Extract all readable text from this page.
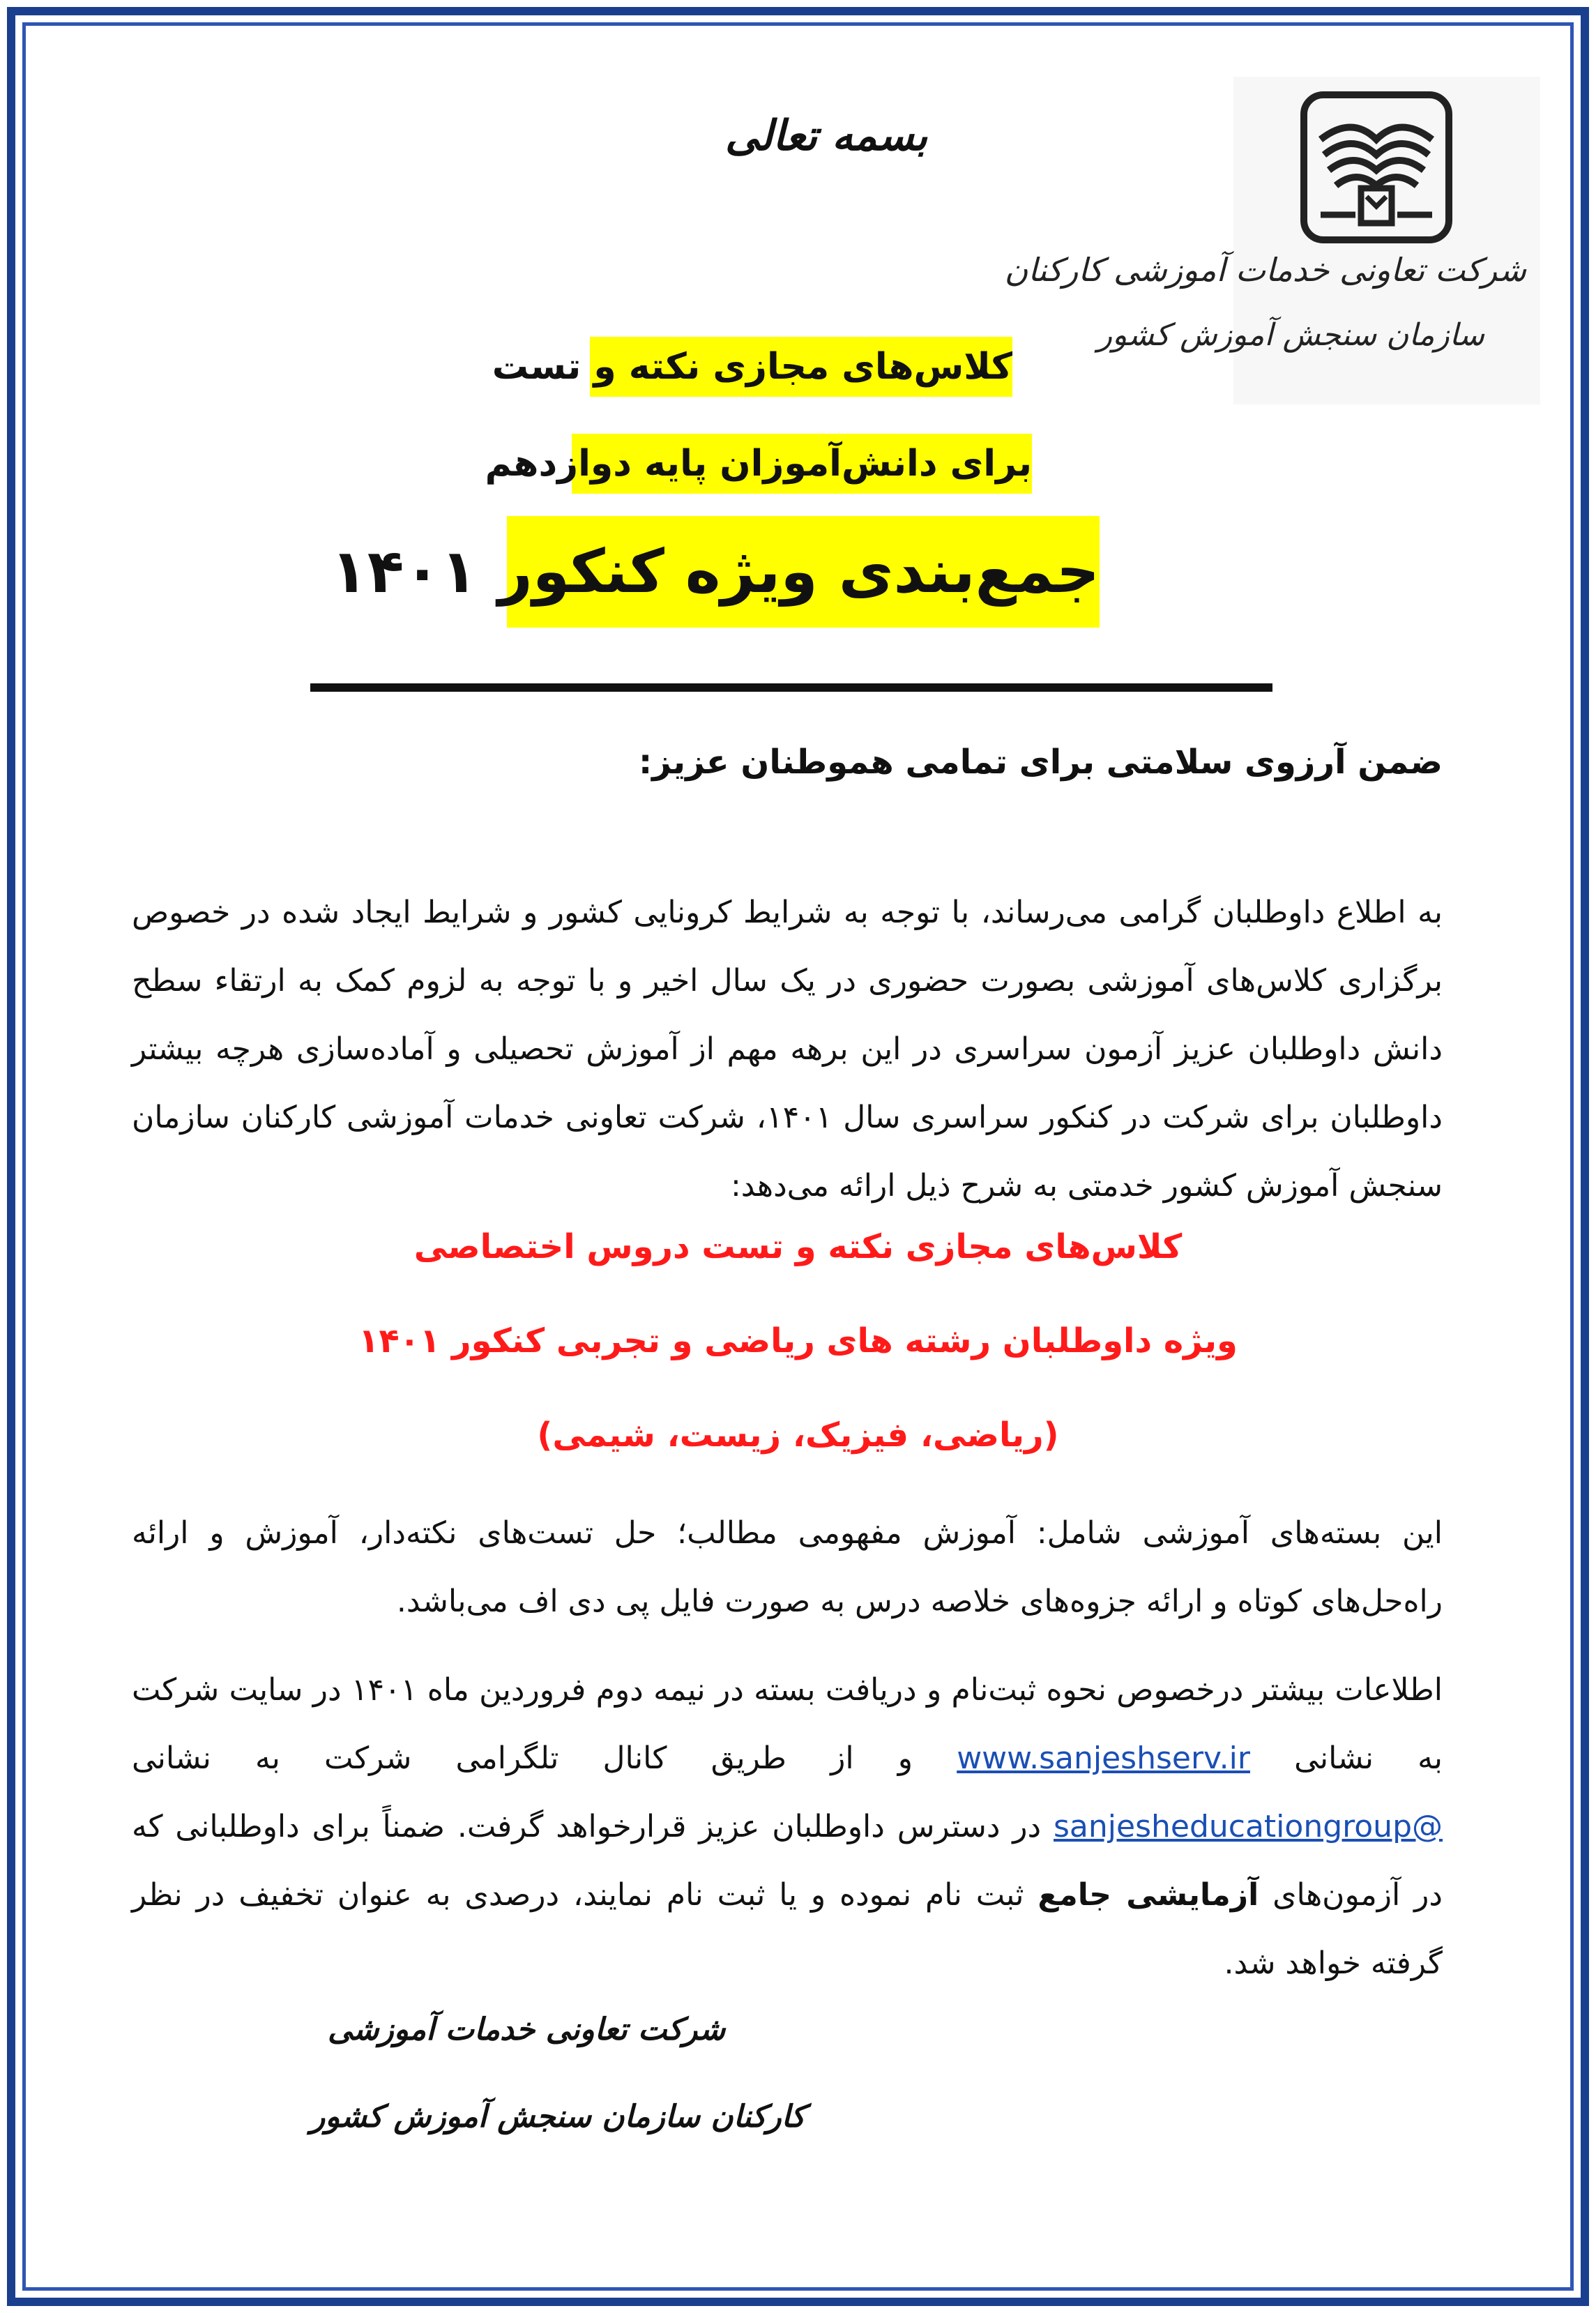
شرکت تعاونی خدمات آموزشی کارکنان
سازمان سنجش آموزش کشور
بسمه تعالی
کلاس‌های مجازی نکته و تست
برای دانش‌آموزان پایه دوازدهم
جمع‌بندی ویژه کنکور ۱۴۰۱
ضمن آرزوی سلامتی برای تمامی هموطنان عزیز:
به اطلاع داوطلبان گرامی می‌رساند، با توجه به شرایط کرونایی کشور و شرایط ایجاد شده در خصوص برگزاری کلاس‌های آموزشی بصورت حضوری در یک سال اخیر و با توجه به لزوم کمک به ارتقاء سطح دانش داوطلبان عزیز آزمون سراسری در این برهه مهم از آموزش تحصیلی و آماده‌سازی هرچه بیشتر داوطلبان برای شرکت در کنکور سراسری سال ۱۴۰۱، شرکت تعاونی خدمات آموزشی کارکنان سازمان سنجش آموزش کشور خدمتی به شرح ذیل ارائه می‌دهد:
کلاس‌های مجازی نکته و تست دروس اختصاصی
ویژه داوطلبان رشته های ریاضی و تجربی کنکور ۱۴۰۱
(ریاضی، فیزیک، زیست، شیمی)
این بسته‌های آموزشی شامل: آموزش مفهومی مطالب؛ حل تست‌های نکته‌دار، آموزش و ارائه راه‌حل‌های کوتاه و ارائه جزوه‌های خلاصه درس به صورت فایل پی دی اف می‌باشد.
اطلاعات بیشتر درخصوص نحوه ثبت‌نام و دریافت بسته در نیمه دوم فروردین ماه ۱۴۰۱ در سایت شرکت به نشانی www.sanjeshserv.ir و از طریق کانال تلگرامی شرکت به نشانی @sanjesheducationgroup در دسترس داوطلبان عزیز قرارخواهد گرفت. ضمناً برای داوطلبانی که در آزمون‌های آزمایشی جامع ثبت نام نموده و یا ثبت نام نمایند، درصدی به عنوان تخفیف در نظر گرفته خواهد شد.
شرکت تعاونی خدمات آموزشی
کارکنان سازمان سنجش آموزش کشور
